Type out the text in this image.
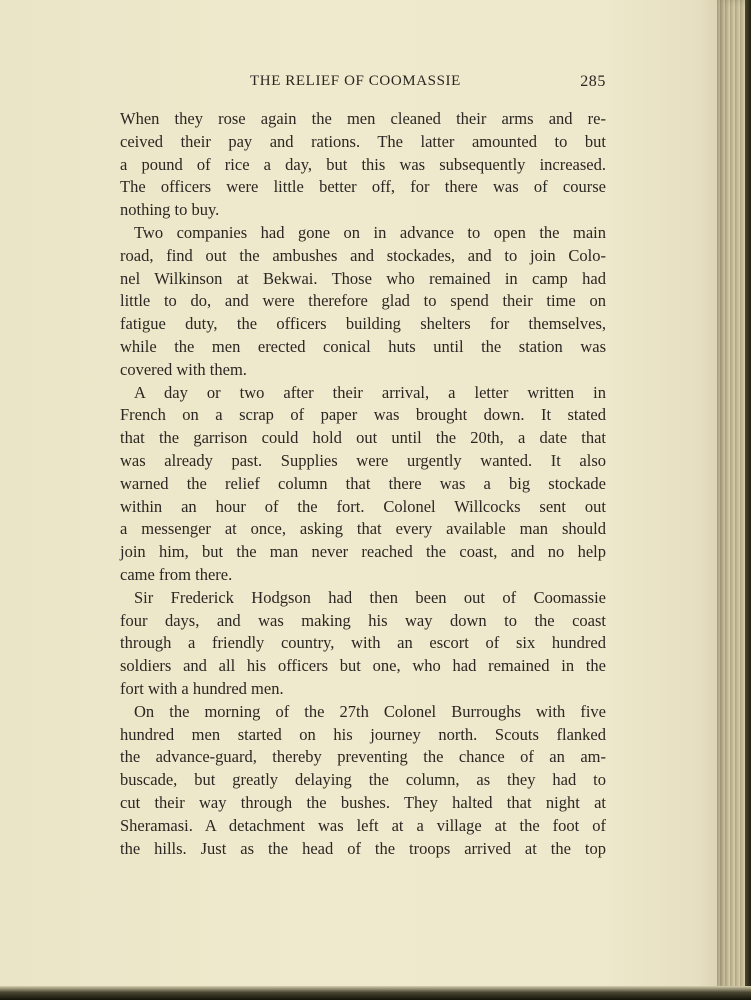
THE RELIEF OF COOMASSIE	285
When they rose again the men cleaned their arms and re-
ceived their pay and rations. The latter amounted to but
a pound of rice a day, but this was subsequently increased.
The officers were little better off, for there was of course
nothing to buy.
Two companies had gone on in advance to open the main
road, find out the ambushes and stockades, and to join Colo-
nel Wilkinson at Bekwai. Those who remained in camp had
little to do, and were therefore glad to spend their time on
fatigue duty, the officers building shelters for themselves,
while the men erected conical huts until the station was
covered with them.
A day or two after their arrival, a letter written in
French on a scrap of paper was brought down. It stated
that the garrison could hold out until the 20th, a date that
was already past. Supplies were urgently wanted. It also
warned the relief column that there was a big stockade
within an hour of the fort. Colonel Willcocks sent out
a messenger at once, asking that every available man should
join him, but the man never reached the coast, and no help
came from there.
Sir Frederick Hodgson had then been out of Coomassie
four days, and was making his way down to the coast
through a friendly country, with an escort of six hundred
soldiers and all his officers but one, who had remained in the
fort with a hundred men.
On the morning of the 27th Colonel Burroughs with five
hundred men started on his journey north. Scouts flanked
the advance-guard, thereby preventing the chance of an am-
buscade, but greatly delaying the column, as they had to
cut their way through the bushes. They halted that night at
Sheramasi. A detachment was left at a village at the foot of
the hills. Just as the head of the troops arrived at the top
